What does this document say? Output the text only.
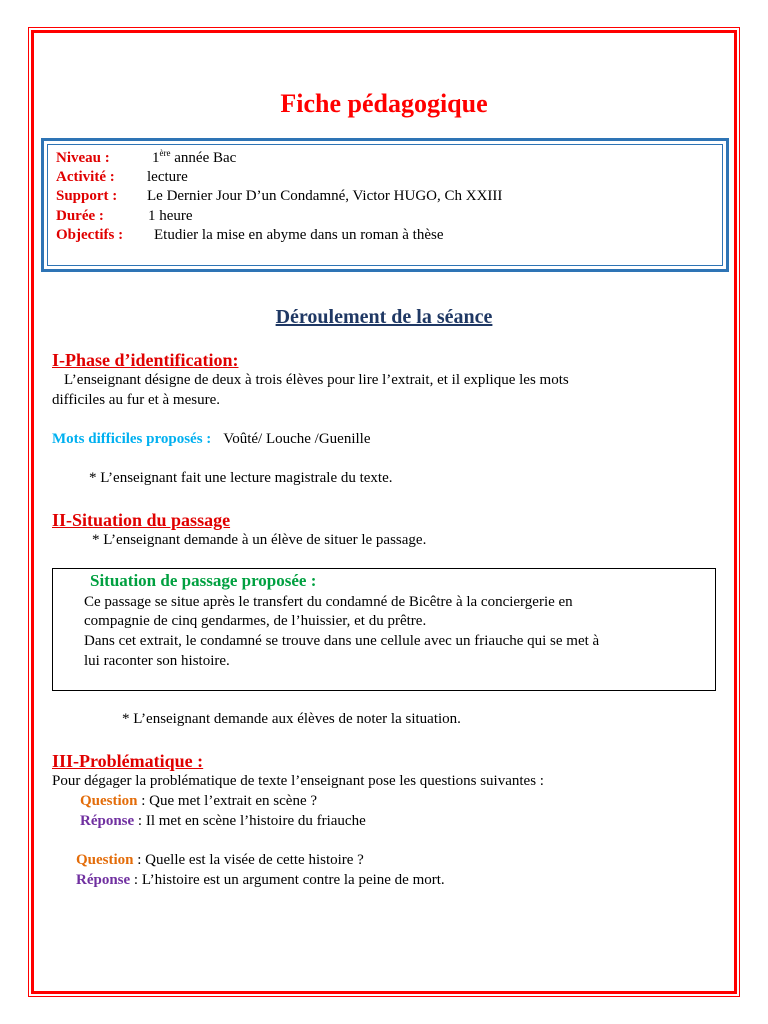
Fiche pédagogique
Niveau :	1ère année Bac
Activité : lecture
Support : Le Dernier Jour D’un Condamné, Victor HUGO, Ch XXIII
Durée :	1 heure
Objectifs : Etudier la mise en abyme dans un roman à thèse
Déroulement de la séance
I-Phase d’identification:
L’enseignant désigne de deux à trois élèves pour lire l’extrait, et il explique les mots
difficiles au fur et à mesure.
Mots difficiles proposés : Voûté/ Louche /Guenille
* L’enseignant fait une lecture magistrale du texte.
II-Situation du passage
* L’enseignant demande à un élève de situer le passage.
Situation de passage proposée :
Ce passage se situe après le transfert du condamné de Bicêtre à la conciergerie en
compagnie de cinq gendarmes, de l’huissier, et du prêtre.
Dans cet extrait, le condamné se trouve dans une cellule avec un friauche qui se met à
lui raconter son histoire.
* L’enseignant demande aux élèves de noter la situation.
III-Problématique :
Pour dégager la problématique de texte l’enseignant pose les questions suivantes :
Question : Que met l’extrait en scène ?
Réponse : Il met en scène l’histoire du friauche
Question : Quelle est la visée de cette histoire ?
Réponse : L’histoire est un argument contre la peine de mort.
